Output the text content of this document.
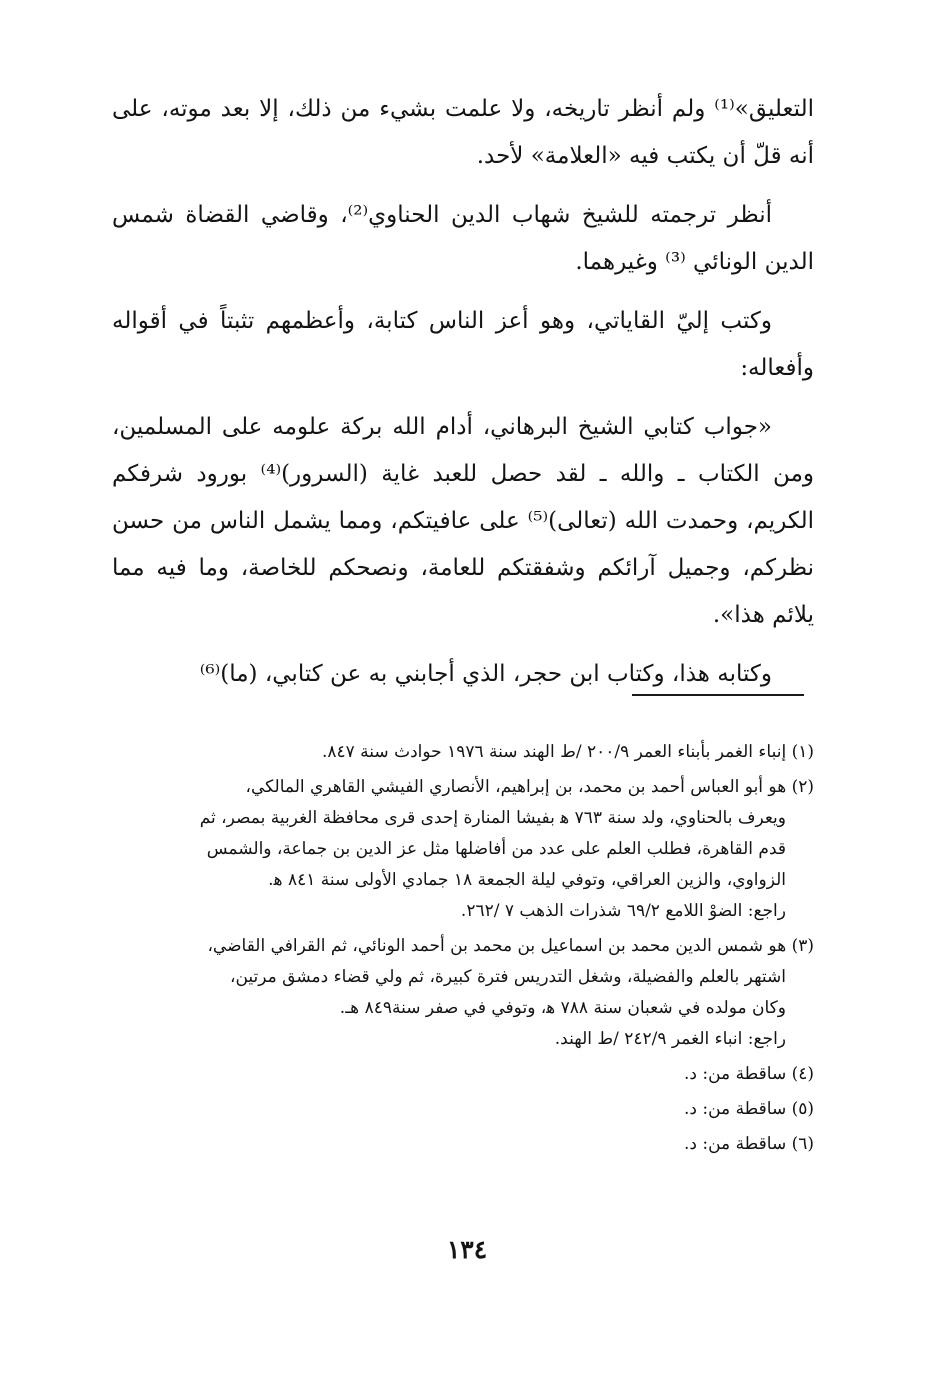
التعليق»⁽¹⁾ ولم أنظر تاريخه، ولا علمت بشيء من ذلك، إلا بعد موته، على أنه قلّ أن يكتب فيه «العلامة» لأحد.

أنظر ترجمته للشيخ شهاب الدين الحناوي⁽²⁾، وقاضي القضاة شمس الدين الونائي ⁽³⁾ وغيرهما.

وكتب إليّ القاياتي، وهو أعز الناس كتابة، وأعظمهم تثبتاً في أقواله وأفعاله:

«جواب كتابي الشيخ البرهاني، أدام الله بركة علومه على المسلمين، ومن الكتاب ـ والله ـ لقد حصل للعبد غاية (السرور)⁽⁴⁾ بورود شرفكم الكريم، وحمدت الله (تعالى)⁽⁵⁾ على عافيتكم، ومما يشمل الناس من حسن نظركم، وجميل آرائكم وشفقتكم للعامة، ونصحكم للخاصة، وما فيه مما يلائم هذا».

وكتابه هذا، وكتاب ابن حجر، الذي أجابني به عن كتابي، (ما)⁽⁶⁾

(١) إنباء الغمر بأبناء العمر ٢٠٠/٩ /ط الهند سنة ١٩٧٦ حوادث سنة ٨٤٧.
(٢) هو أبو العباس أحمد بن محمد، بن إبراهيم، الأنصاري الفيشي القاهري المالكي،
ويعرف بالحناوي، ولد سنة ٧٦٣ ه‍ بفيشا المنارة إحدى قرى محافظة الغربية بمصر، ثم
قدم القاهرة، فطلب العلم على عدد من أفاضلها مثل عز الدين بن جماعة، والشمس
الزواوي، والزين العراقي، وتوفي ليلة الجمعة ١٨ جمادي الأولى سنة ٨٤١ ه‍.
راجع: الضوْ اللامع ٦٩/٢ شذرات الذهب ٧ /٢٦٢.
(٣) هو شمس الدين محمد بن اسماعيل بن محمد بن أحمد الونائي، ثم القرافي القاضي،
اشتهر بالعلم والفضيلة، وشغل التدريس فترة كبيرة، ثم ولي قضاء دمشق مرتين،
وكان مولده في شعبان سنة ٧٨٨ ه‍، وتوفي في صفر سنة٨٤٩ هـ.
راجع: انباء الغمر ٢٤٢/٩ /ط الهند.
(٤) ساقطة من: د.
(٥) ساقطة من: د.
(٦) ساقطة من: د.
١٣٤
